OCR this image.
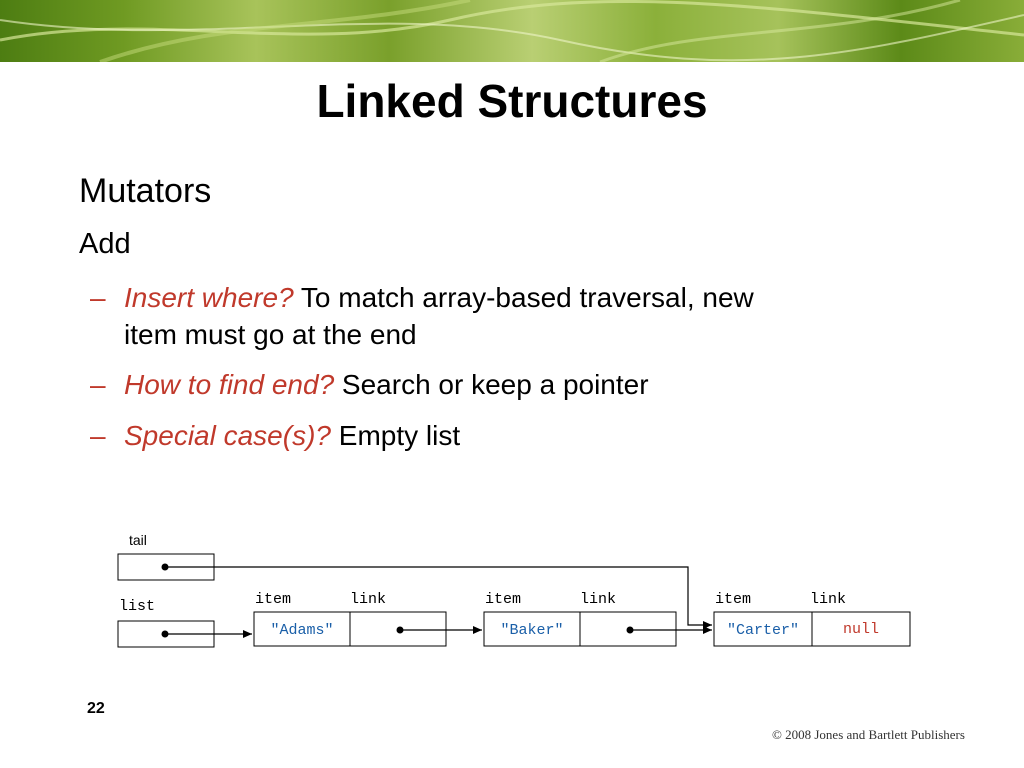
Linked Structures
Mutators
Add
– Insert where? To match array-based traversal, new
item must go at the end
– How to find end? Search or keep a pointer
– Special case(s)? Empty list
tail
list	item	link
"Adams"
item	link
"Baker"
item	link
"Carter"	null
22
© 2008 Jones and Bartlett Publishers
